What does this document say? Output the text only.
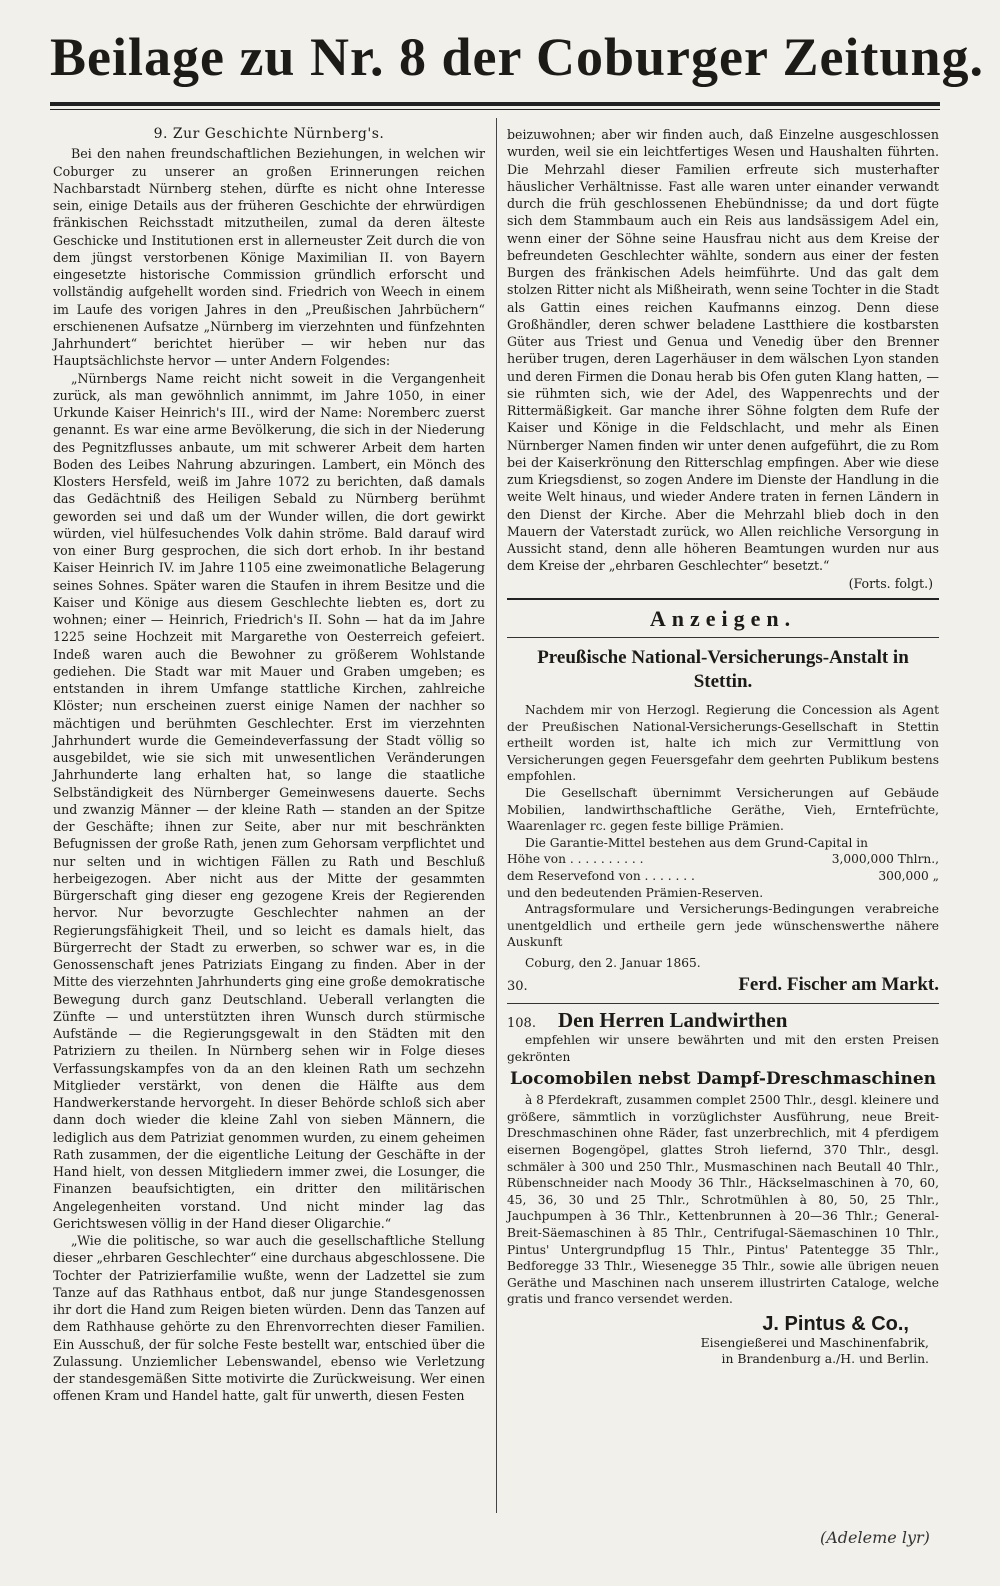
Beilage zu Nr. 8 der Coburger Zeitung.
9. Zur Geschichte Nürnberg's.

Bei den nahen freundschaftlichen Beziehungen, in welchen wir Coburger zu unserer an großen Erinnerungen reichen Nachbarstadt Nürnberg stehen, dürfte es nicht ohne Interesse sein, einige Details aus der früheren Geschichte der ehrwürdigen fränkischen Reichsstadt mitzutheilen, zumal da deren älteste Geschicke und Institutionen erst in allerneuster Zeit durch die von dem jüngst verstorbenen Könige Maximilian II. von Bayern eingesetzte historische Commission gründlich erforscht und vollständig aufgehellt worden sind. Friedrich von Weech in einem im Laufe des vorigen Jahres in den „Preußischen Jahrbüchern“ erschienenen Aufsatze „Nürnberg im vierzehnten und fünfzehnten Jahrhundert“ berichtet hierüber — wir heben nur das Hauptsächlichste hervor — unter Andern Folgendes:

„Nürnbergs Name reicht nicht soweit in die Vergangenheit zurück, als man gewöhnlich annimmt, im Jahre 1050, in einer Urkunde Kaiser Heinrich's III., wird der Name: Noremberc zuerst genannt. Es war eine arme Bevölkerung, die sich in der Niederung des Pegnitzflusses anbaute, um mit schwerer Arbeit dem harten Boden des Leibes Nahrung abzuringen. Lambert, ein Mönch des Klosters Hersfeld, weiß im Jahre 1072 zu berichten, daß damals das Gedächtniß des Heiligen Sebald zu Nürnberg berühmt geworden sei und daß um der Wunder willen, die dort gewirkt würden, viel hülfesuchendes Volk dahin ströme. Bald darauf wird von einer Burg gesprochen, die sich dort erhob. In ihr bestand Kaiser Heinrich IV. im Jahre 1105 eine zweimonatliche Belagerung seines Sohnes. Später waren die Staufen in ihrem Besitze und die Kaiser und Könige aus diesem Geschlechte liebten es, dort zu wohnen; einer — Heinrich, Friedrich's II. Sohn — hat da im Jahre 1225 seine Hochzeit mit Margarethe von Oesterreich gefeiert. Indeß waren auch die Bewohner zu größerem Wohlstande gediehen. Die Stadt war mit Mauer und Graben umgeben; es entstanden in ihrem Umfange stattliche Kirchen, zahlreiche Klöster; nun erscheinen zuerst einige Namen der nachher so mächtigen und berühmten Geschlechter. Erst im vierzehnten Jahrhundert wurde die Gemeindeverfassung der Stadt völlig so ausgebildet, wie sie sich mit unwesentlichen Veränderungen Jahrhunderte lang erhalten hat, so lange die staatliche Selbständigkeit des Nürnberger Gemeinwesens dauerte. Sechs und zwanzig Männer — der kleine Rath — standen an der Spitze der Geschäfte; ihnen zur Seite, aber nur mit beschränkten Befugnissen der große Rath, jenen zum Gehorsam verpflichtet und nur selten und in wichtigen Fällen zu Rath und Beschluß herbeigezogen. Aber nicht aus der Mitte der gesammten Bürgerschaft ging dieser eng gezogene Kreis der Regierenden hervor. Nur bevorzugte Geschlechter nahmen an der Regierungsfähigkeit Theil, und so leicht es damals hielt, das Bürgerrecht der Stadt zu erwerben, so schwer war es, in die Genossenschaft jenes Patriziats Eingang zu finden. Aber in der Mitte des vierzehnten Jahrhunderts ging eine große demokratische Bewegung durch ganz Deutschland. Ueberall verlangten die Zünfte — und unterstützten ihren Wunsch durch stürmische Aufstände — die Regierungsgewalt in den Städten mit den Patriziern zu theilen. In Nürnberg sehen wir in Folge dieses Verfassungskampfes von da an den kleinen Rath um sechzehn Mitglieder verstärkt, von denen die Hälfte aus dem Handwerkerstande hervorgeht. In dieser Behörde schloß sich aber dann doch wieder die kleine Zahl von sieben Männern, die lediglich aus dem Patriziat genommen wurden, zu einem geheimen Rath zusammen, der die eigentliche Leitung der Geschäfte in der Hand hielt, von dessen Mitgliedern immer zwei, die Losunger, die Finanzen beaufsichtigten, ein dritter den militärischen Angelegenheiten vorstand. Und nicht minder lag das Gerichtswesen völlig in der Hand dieser Oligarchie.“

„Wie die politische, so war auch die gesellschaftliche Stellung dieser „ehrbaren Geschlechter“ eine durchaus abgeschlossene. Die Tochter der Patrizierfamilie wußte, wenn der Ladzettel sie zum Tanze auf das Rathhaus entbot, daß nur junge Standesgenossen ihr dort die Hand zum Reigen bieten würden. Denn das Tanzen auf dem Rathhause gehörte zu den Ehrenvorrechten dieser Familien. Ein Ausschuß, der für solche Feste bestellt war, entschied über die Zulassung. Unziemlicher Lebenswandel, ebenso wie Verletzung der standesgemäßen Sitte motivirte die Zurückweisung. Wer einen offenen Kram und Handel hatte, galt für unwerth, diesen Festen

beizuwohnen; aber wir finden auch, daß Einzelne ausgeschlossen wurden, weil sie ein leichtfertiges Wesen und Haushalten führten. Die Mehrzahl dieser Familien erfreute sich musterhafter häuslicher Verhältnisse. Fast alle waren unter einander verwandt durch die früh geschlossenen Ehebündnisse; da und dort fügte sich dem Stammbaum auch ein Reis aus landsässigem Adel ein, wenn einer der Söhne seine Hausfrau nicht aus dem Kreise der befreundeten Geschlechter wählte, sondern aus einer der festen Burgen des fränkischen Adels heimführte. Und das galt dem stolzen Ritter nicht als Mißheirath, wenn seine Tochter in die Stadt als Gattin eines reichen Kaufmanns einzog. Denn diese Großhändler, deren schwer beladene Lastthiere die kostbarsten Güter aus Triest und Genua und Venedig über den Brenner herüber trugen, deren Lagerhäuser in dem wälschen Lyon standen und deren Firmen die Donau herab bis Ofen guten Klang hatten, — sie rühmten sich, wie der Adel, des Wappenrechts und der Rittermäßigkeit. Gar manche ihrer Söhne folgten dem Rufe der Kaiser und Könige in die Feldschlacht, und mehr als Einen Nürnberger Namen finden wir unter denen aufgeführt, die zu Rom bei der Kaiserkrönung den Ritterschlag empfingen. Aber wie diese zum Kriegsdienst, so zogen Andere im Dienste der Handlung in die weite Welt hinaus, und wieder Andere traten in fernen Ländern in den Dienst der Kirche. Aber die Mehrzahl blieb doch in den Mauern der Vaterstadt zurück, wo Allen reichliche Versorgung in Aussicht stand, denn alle höheren Beamtungen wurden nur aus dem Kreise der „ehrbaren Geschlechter“ besetzt.“

(Forts. folgt.)

Anzeigen.
Preußische National-Versicherungs-Anstalt in Stettin.

Nachdem mir von Herzogl. Regierung die Concession als Agent der Preußischen National-Versicherungs-Gesellschaft in Stettin ertheilt worden ist, halte ich mich zur Vermittlung von Versicherungen gegen Feuersgefahr dem geehrten Publikum bestens empfohlen.

Die Gesellschaft übernimmt Versicherungen auf Gebäude Mobilien, landwirthschaftliche Geräthe, Vieh, Erntefrüchte, Waarenlager rc. gegen feste billige Prämien.

Die Garantie-Mittel bestehen aus dem Grund-Capital in

Höhe von . . . . . . . . . .	3,000,000 Thlrn.,
dem Reservefond von . . . . . . .	300,000 „

und den bedeutenden Prämien-Reserven.

Antragsformulare und Versicherungs-Bedingungen verabreiche unentgeldlich und ertheile gern jede wünschenswerthe nähere Auskunft

Coburg, den 2. Januar 1865.

30.	Ferd. Fischer am Markt.
108. Den Herren Landwirthen

empfehlen wir unsere bewährten und mit den ersten Preisen gekrönten

Locomobilen nebst Dampf-Dreschmaschinen

à 8 Pferdekraft, zusammen complet 2500 Thlr., desgl. kleinere und größere, sämmtlich in vorzüglichster Ausführung, neue Breit-Dreschmaschinen ohne Räder, fast unzerbrechlich, mit 4 pferdigem eisernen Bogengöpel, glattes Stroh liefernd, 370 Thlr., desgl. schmäler à 300 und 250 Thlr., Musmaschinen nach Beutall 40 Thlr., Rübenschneider nach Moody 36 Thlr., Häckselmaschinen à 70, 60, 45, 36, 30 und 25 Thlr., Schrotmühlen à 80, 50, 25 Thlr., Jauchpumpen à 36 Thlr., Kettenbrunnen à 20—36 Thlr.; General-Breit-Säemaschinen à 85 Thlr., Centrifugal-Säemaschinen 10 Thlr., Pintus' Untergrundpflug 15 Thlr., Pintus' Patentegge 35 Thlr., Bedforegge 33 Thlr., Wiesenegge 35 Thlr., sowie alle übrigen neuen Geräthe und Maschinen nach unserem illustrirten Cataloge, welche gratis und franco versendet werden.

J. Pintus & Co.,
Eisengießerei und Maschinenfabrik,
in Brandenburg a./H. und Berlin.
(Adeleme lyr)
